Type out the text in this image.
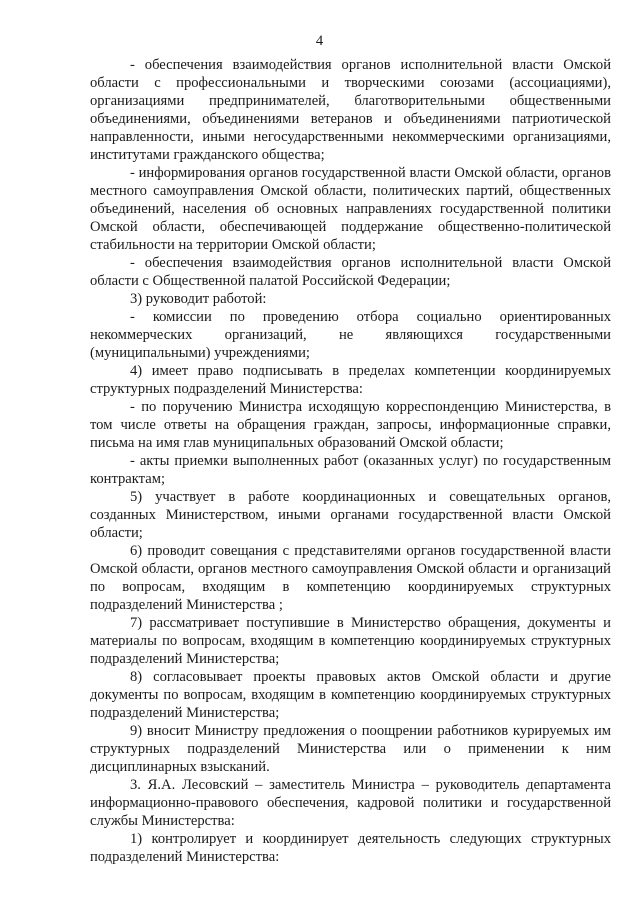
4

- обеспечения взаимодействия органов исполнительной власти Омской области с профессиональными и творческими союзами (ассоциациями), организациями предпринимателей, благотворительными общественными объединениями, объединениями ветеранов и объединениями патриотической направленности, иными негосударственными некоммерческими организациями, институтами гражданского общества;

- информирования органов государственной власти Омской области, органов местного самоуправления Омской области, политических партий, общественных объединений, населения об основных направлениях государственной политики Омской области, обеспечивающей поддержание общественно-политической стабильности на территории Омской области;

- обеспечения взаимодействия органов исполнительной власти Омской области с Общественной палатой Российской Федерации;

3) руководит работой:

- комиссии по проведению отбора социально ориентированных некоммерческих организаций, не являющихся государственными (муниципальными) учреждениями;

4) имеет право подписывать в пределах компетенции координируемых структурных подразделений Министерства:

- по поручению Министра исходящую корреспонденцию Министерства, в том числе ответы на обращения граждан, запросы, информационные справки, письма на имя глав муниципальных образований Омской области;

- акты приемки выполненных работ (оказанных услуг) по государственным контрактам;

5) участвует в работе координационных и совещательных органов, созданных Министерством, иными органами государственной власти Омской области;

6) проводит совещания с представителями органов государственной власти Омской области, органов местного самоуправления Омской области и организаций по вопросам, входящим в компетенцию координируемых структурных подразделений Министерства ;

7) рассматривает поступившие в Министерство обращения, документы и материалы по вопросам, входящим в компетенцию координируемых структурных подразделений Министерства;

8) согласовывает проекты правовых актов Омской области и другие документы по вопросам, входящим в компетенцию координируемых структурных подразделений Министерства;

9) вносит Министру предложения о поощрении работников курируемых им структурных подразделений Министерства или о применении к ним дисциплинарных взысканий.

3. Я.А. Лесовский – заместитель Министра – руководитель департамента информационно-правового обеспечения, кадровой политики и государственной службы Министерства:

1) контролирует и координирует деятельность следующих структурных подразделений Министерства:
